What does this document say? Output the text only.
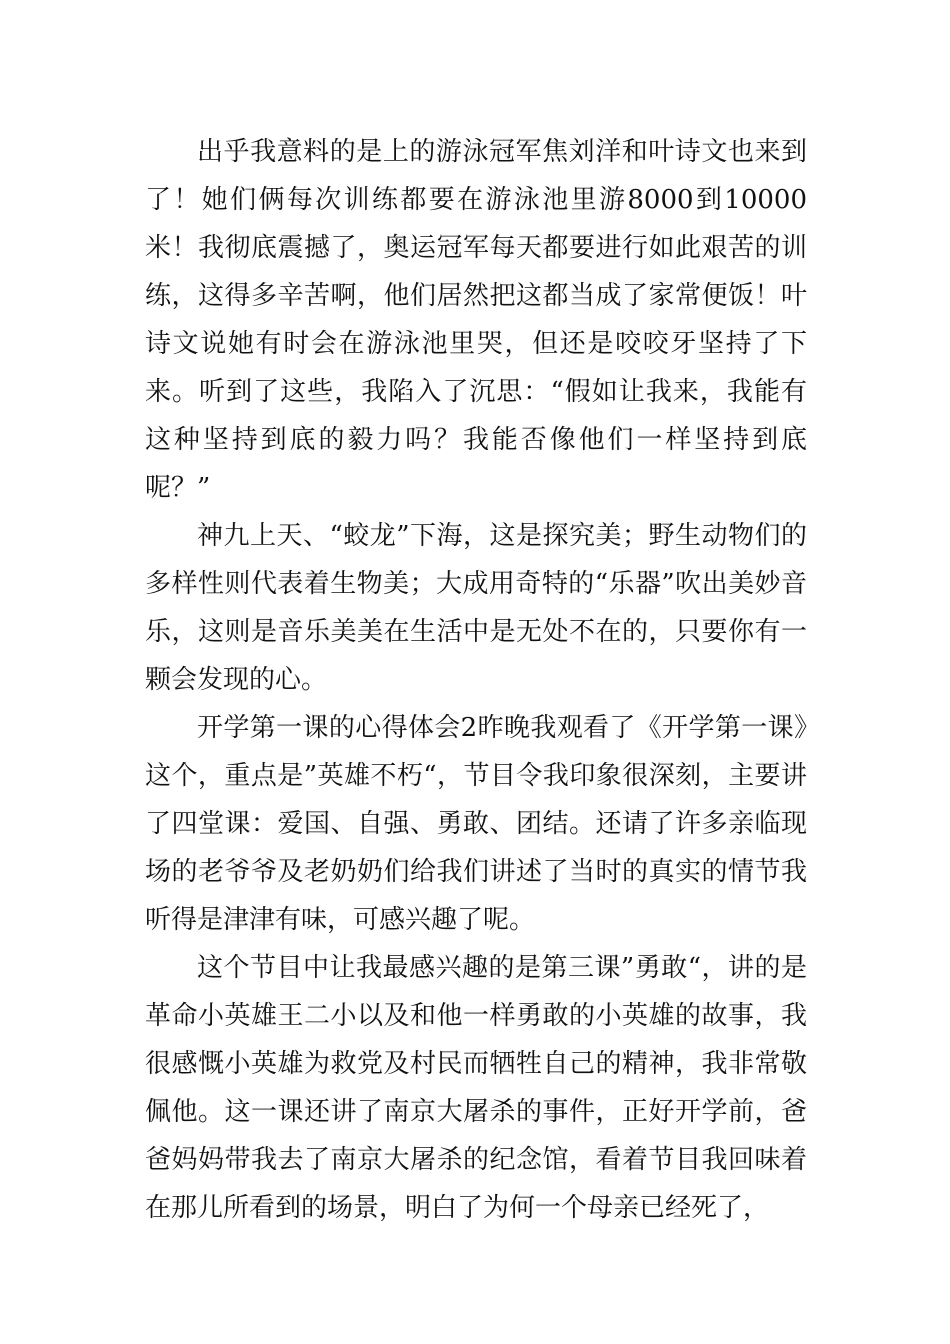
出乎我意料的是上的游泳冠军焦刘洋和叶诗文也来到了！她们俩每次训练都要在游泳池里游8000到10000米！我彻底震撼了，奥运冠军每天都要进行如此艰苦的训练，这得多辛苦啊，他们居然把这都当成了家常便饭！叶诗文说她有时会在游泳池里哭，但还是咬咬牙坚持了下来。听到了这些，我陷入了沉思：“假如让我来，我能有这种坚持到底的毅力吗？我能否像他们一样坚持到底呢？”

神九上天、“蛟龙”下海，这是探究美；野生动物们的多样性则代表着生物美；大成用奇特的“乐器”吹出美妙音乐，这则是音乐美美在生活中是无处不在的，只要你有一颗会发现的心。

开学第一课的心得体会2昨晚我观看了《开学第一课》这个，重点是”英雄不朽“，节目令我印象很深刻，主要讲了四堂课：爱国、自强、勇敢、团结。还请了许多亲临现场的老爷爷及老奶奶们给我们讲述了当时的真实的情节我听得是津津有味，可感兴趣了呢。

这个节目中让我最感兴趣的是第三课”勇敢“，讲的是革命小英雄王二小以及和他一样勇敢的小英雄的故事，我很感慨小英雄为救党及村民而牺牲自己的精神，我非常敬佩他。这一课还讲了南京大屠杀的事件，正好开学前，爸爸妈妈带我去了南京大屠杀的纪念馆，看着节目我回味着在那儿所看到的场景，明白了为何一个母亲已经死了，
